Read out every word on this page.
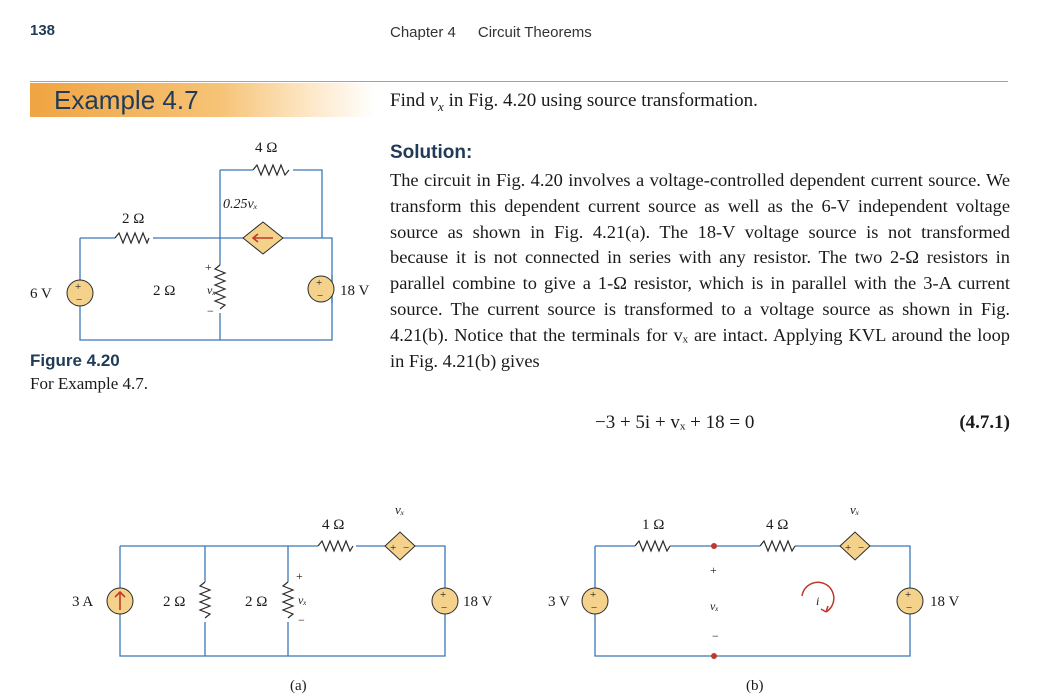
138	Chapter 4 Circuit Theorems
Example 4.7	Find $v_x$ in Fig. 4.20 using source transformation.
Solution:
The circuit in Fig. 4.20 involves a voltage-controlled dependent current source. We transform this dependent current source as well as the 6-V independent voltage source as shown in Fig. 4.21(a). The 18-V voltage source is not transformed because it is not connected in series with any resistor. The two 2-Ω resistors in parallel combine to give a 1-Ω resistor, which is in parallel with the 3-A current source. The current source is transformed to a voltage source as shown in Fig. 4.21(b). Notice that the terminals for vₓ are intact. Applying KVL around the loop in Fig. 4.21(b) gives
−3 + 5i + vₓ + 18 = 0	(4.7.1)
+
−
+
−
4 Ω
2 Ω
2 Ω
0.25vₓ
6 V	18 V
+
vₓ
−
Figure 4.20
For Example 4.7.
+ −
+
−
3 A	2 Ω	2 Ω
4 Ω
vₓ
18 V
+
vₓ
−
(a)
+
−
+ −
+
−
3 V
1 Ω	4 Ω
vₓ
18 V
+
vₓ
−
i
(b)
